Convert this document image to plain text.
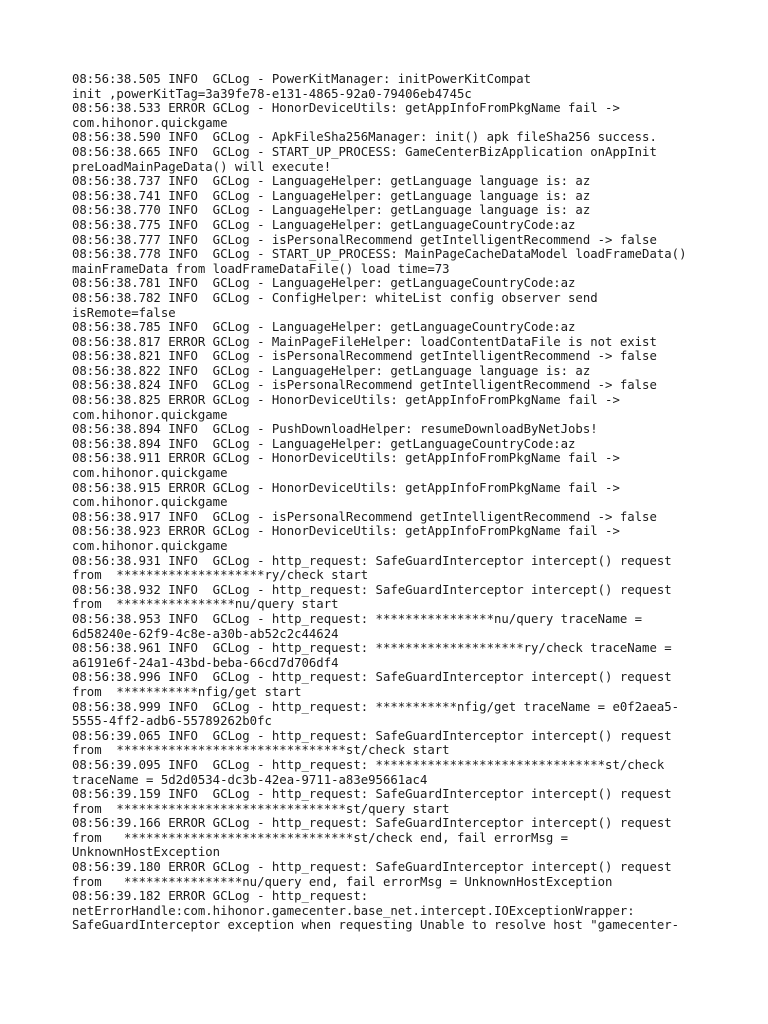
08:56:38.505 INFO  GCLog - PowerKitManager: initPowerKitCompat
init ,powerKitTag=3a39fe78-e131-4865-92a0-79406eb4745c
08:56:38.533 ERROR GCLog - HonorDeviceUtils: getAppInfoFromPkgName fail ->
com.hihonor.quickgame
08:56:38.590 INFO  GCLog - ApkFileSha256Manager: init() apk fileSha256 success.
08:56:38.665 INFO  GCLog - START_UP_PROCESS: GameCenterBizApplication onAppInit
preLoadMainPageData() will execute!
08:56:38.737 INFO  GCLog - LanguageHelper: getLanguage language is: az
08:56:38.741 INFO  GCLog - LanguageHelper: getLanguage language is: az
08:56:38.770 INFO  GCLog - LanguageHelper: getLanguage language is: az
08:56:38.775 INFO  GCLog - LanguageHelper: getLanguageCountryCode:az
08:56:38.777 INFO  GCLog - isPersonalRecommend getIntelligentRecommend -> false
08:56:38.778 INFO  GCLog - START_UP_PROCESS: MainPageCacheDataModel loadFrameData()
mainFrameData from loadFrameDataFile() load time=73
08:56:38.781 INFO  GCLog - LanguageHelper: getLanguageCountryCode:az
08:56:38.782 INFO  GCLog - ConfigHelper: whiteList config observer send
isRemote=false
08:56:38.785 INFO  GCLog - LanguageHelper: getLanguageCountryCode:az
08:56:38.817 ERROR GCLog - MainPageFileHelper: loadContentDataFile is not exist
08:56:38.821 INFO  GCLog - isPersonalRecommend getIntelligentRecommend -> false
08:56:38.822 INFO  GCLog - LanguageHelper: getLanguage language is: az
08:56:38.824 INFO  GCLog - isPersonalRecommend getIntelligentRecommend -> false
08:56:38.825 ERROR GCLog - HonorDeviceUtils: getAppInfoFromPkgName fail ->
com.hihonor.quickgame
08:56:38.894 INFO  GCLog - PushDownloadHelper: resumeDownloadByNetJobs!
08:56:38.894 INFO  GCLog - LanguageHelper: getLanguageCountryCode:az
08:56:38.911 ERROR GCLog - HonorDeviceUtils: getAppInfoFromPkgName fail ->
com.hihonor.quickgame
08:56:38.915 ERROR GCLog - HonorDeviceUtils: getAppInfoFromPkgName fail ->
com.hihonor.quickgame
08:56:38.917 INFO  GCLog - isPersonalRecommend getIntelligentRecommend -> false
08:56:38.923 ERROR GCLog - HonorDeviceUtils: getAppInfoFromPkgName fail ->
com.hihonor.quickgame
08:56:38.931 INFO  GCLog - http_request: SafeGuardInterceptor intercept() request
from  ********************ry/check start
08:56:38.932 INFO  GCLog - http_request: SafeGuardInterceptor intercept() request
from  ****************nu/query start
08:56:38.953 INFO  GCLog - http_request: ****************nu/query traceName =
6d58240e-62f9-4c8e-a30b-ab52c2c44624
08:56:38.961 INFO  GCLog - http_request: ********************ry/check traceName =
a6191e6f-24a1-43bd-beba-66cd7d706df4
08:56:38.996 INFO  GCLog - http_request: SafeGuardInterceptor intercept() request
from  ***********nfig/get start
08:56:38.999 INFO  GCLog - http_request: ***********nfig/get traceName = e0f2aea5-
5555-4ff2-adb6-55789262b0fc
08:56:39.065 INFO  GCLog - http_request: SafeGuardInterceptor intercept() request
from  *******************************st/check start
08:56:39.095 INFO  GCLog - http_request: *******************************st/check
traceName = 5d2d0534-dc3b-42ea-9711-a83e95661ac4
08:56:39.159 INFO  GCLog - http_request: SafeGuardInterceptor intercept() request
from  *******************************st/query start
08:56:39.166 ERROR GCLog - http_request: SafeGuardInterceptor intercept() request
from   *******************************st/check end, fail errorMsg =
UnknownHostException
08:56:39.180 ERROR GCLog - http_request: SafeGuardInterceptor intercept() request
from   ****************nu/query end, fail errorMsg = UnknownHostException
08:56:39.182 ERROR GCLog - http_request:
netErrorHandle:com.hihonor.gamecenter.base_net.intercept.IOExceptionWrapper:
SafeGuardInterceptor exception when requesting Unable to resolve host "gamecenter-
